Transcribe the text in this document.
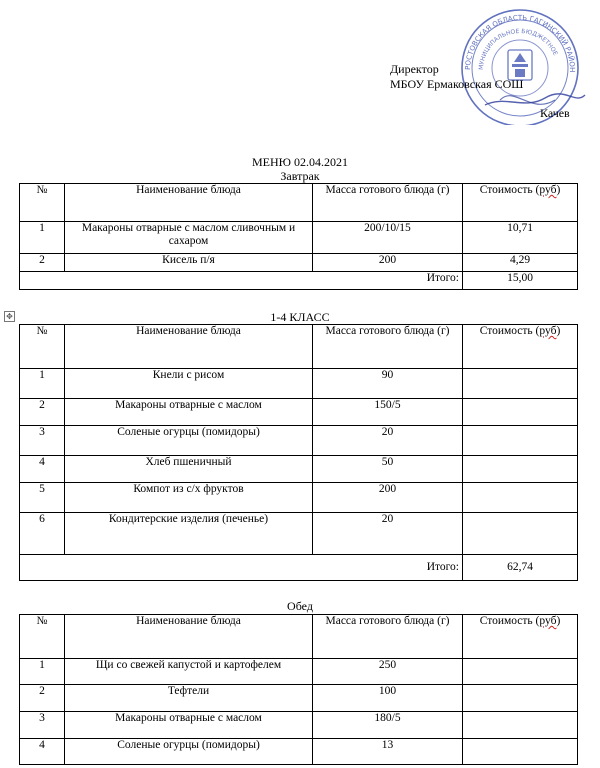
РОСТОВСКАЯ ОБЛАСТЬ ГАГИНСКИЙ РАЙОН
МУНИЦИПАЛЬНОЕ БЮДЖЕТНОЕ
Директор
МБОУ Ермаковская СОШ
Качев
МЕНЮ 02.04.2021
Завтрак
№	Наименование блюда	Масса готового блюда (г)	Стоимость (руб)
1	Макароны отварные с маслом сливочным и сахаром	200/10/15	10,71
2	Кисель п/я	200	4,29
Итого:			15,00
✥	1-4 КЛАСС
№	Наименование блюда	Масса готового блюда (г)	Стоимость (руб)
1	Кнели с рисом	90	
2	Макароны отварные с маслом	150/5	
3	Соленые огурцы (помидоры)	20	
4	Хлеб пшеничный	50	
5	Компот из с/х фруктов	200	
6	Кондитерские изделия (печенье)	20	
Итого:			62,74
Обед
№	Наименование блюда	Масса готового блюда (г)	Стоимость (руб)
1	Щи со свежей капустой и картофелем	250	
2	Тефтели	100	
3	Макароны отварные с маслом	180/5	
4	Соленые огурцы (помидоры)	13	
